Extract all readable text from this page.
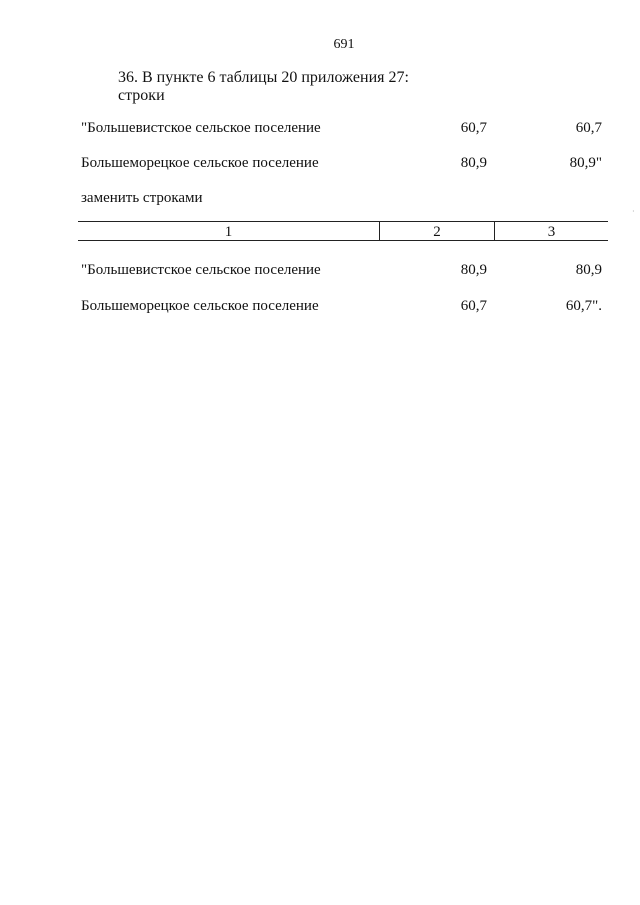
691
36. В пункте 6 таблицы 20 приложения 27:
строки
"Большевистское сельское поселение	60,7	60,7
Большеморецкое сельское поселение	80,9	80,9"
заменить строками
1	2	3
"Большевистское сельское поселение	80,9	80,9
Большеморецкое сельское поселение	60,7	60,7".
·
